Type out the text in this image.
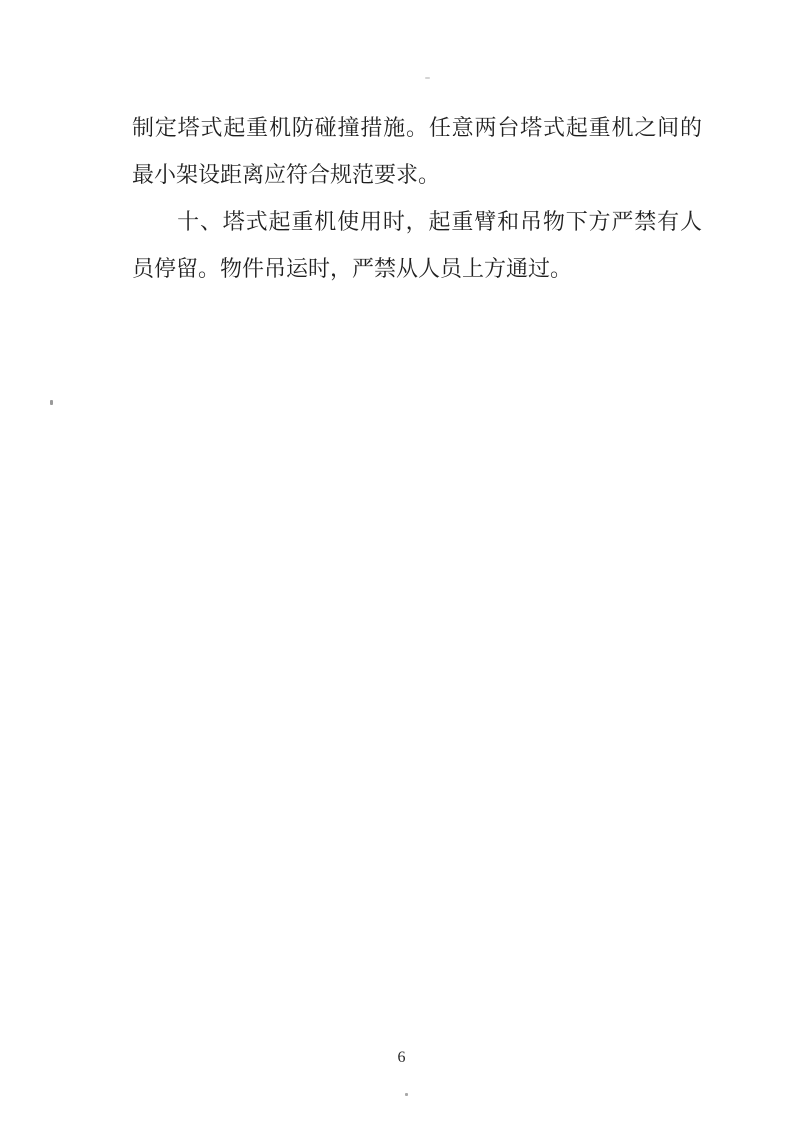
制定塔式起重机防碰撞措施。任意两台塔式起重机之间的最小架设距离应符合规范要求。

十、塔式起重机使用时，起重臂和吊物下方严禁有人员停留。物件吊运时，严禁从人员上方通过。

6
